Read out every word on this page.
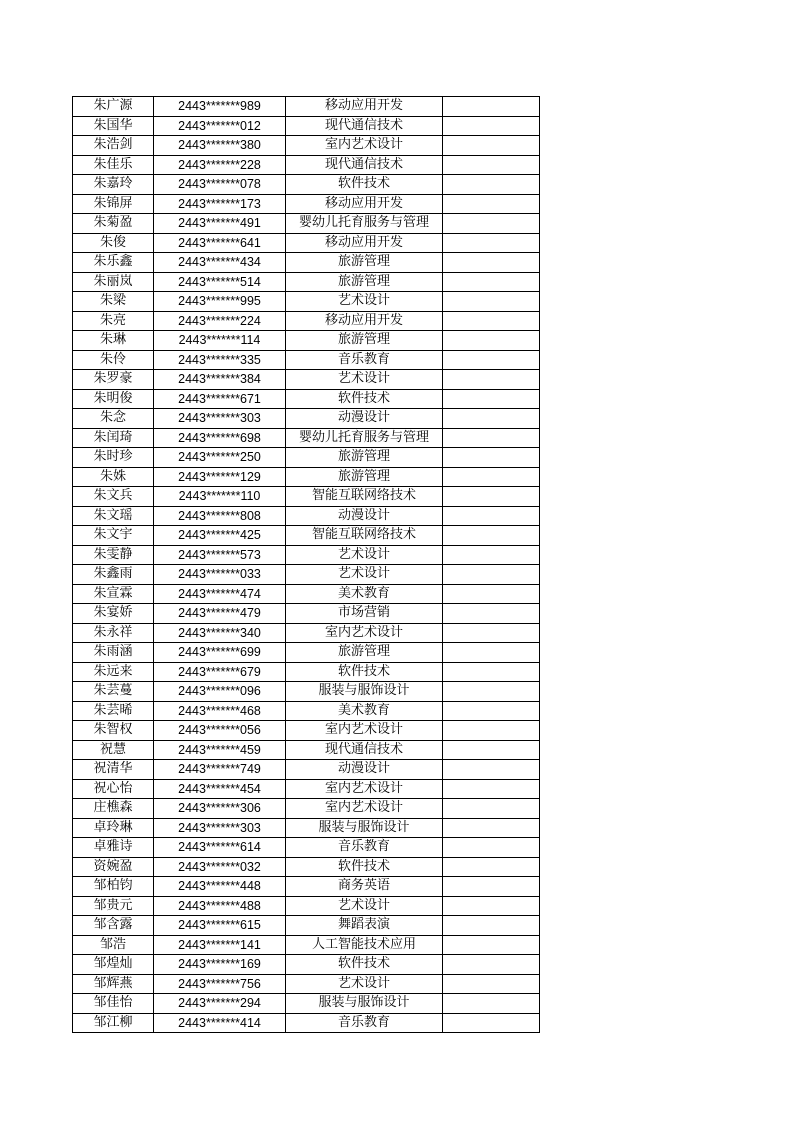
朱广源	2443*******989	移动应用开发	
朱国华	2443*******012	现代通信技术	
朱浩剑	2443*******380	室内艺术设计	
朱佳乐	2443*******228	现代通信技术	
朱嘉玲	2443*******078	软件技术	
朱锦屏	2443*******173	移动应用开发	
朱菊盈	2443*******491	婴幼儿托育服务与管理	
朱俊	2443*******641	移动应用开发	
朱乐鑫	2443*******434	旅游管理	
朱丽岚	2443*******514	旅游管理	
朱梁	2443*******995	艺术设计	
朱亮	2443*******224	移动应用开发	
朱琳	2443*******114	旅游管理	
朱伶	2443*******335	音乐教育	
朱罗豪	2443*******384	艺术设计	
朱明俊	2443*******671	软件技术	
朱念	2443*******303	动漫设计	
朱闰琦	2443*******698	婴幼儿托育服务与管理	
朱时珍	2443*******250	旅游管理	
朱姝	2443*******129	旅游管理	
朱文兵	2443*******110	智能互联网络技术	
朱文瑶	2443*******808	动漫设计	
朱文宇	2443*******425	智能互联网络技术	
朱雯静	2443*******573	艺术设计	
朱鑫雨	2443*******033	艺术设计	
朱宣霖	2443*******474	美术教育	
朱宴娇	2443*******479	市场营销	
朱永祥	2443*******340	室内艺术设计	
朱雨涵	2443*******699	旅游管理	
朱远来	2443*******679	软件技术	
朱芸蔓	2443*******096	服装与服饰设计	
朱芸晞	2443*******468	美术教育	
朱智权	2443*******056	室内艺术设计	
祝慧	2443*******459	现代通信技术	
祝清华	2443*******749	动漫设计	
祝心怡	2443*******454	室内艺术设计	
庄樵森	2443*******306	室内艺术设计	
卓玲琳	2443*******303	服装与服饰设计	
卓雅诗	2443*******614	音乐教育	
资婉盈	2443*******032	软件技术	
邹柏钧	2443*******448	商务英语	
邹贵元	2443*******488	艺术设计	
邹含露	2443*******615	舞蹈表演	
邹浩	2443*******141	人工智能技术应用	
邹煌灿	2443*******169	软件技术	
邹辉燕	2443*******756	艺术设计	
邹佳怡	2443*******294	服装与服饰设计	
邹江柳	2443*******414	音乐教育	
